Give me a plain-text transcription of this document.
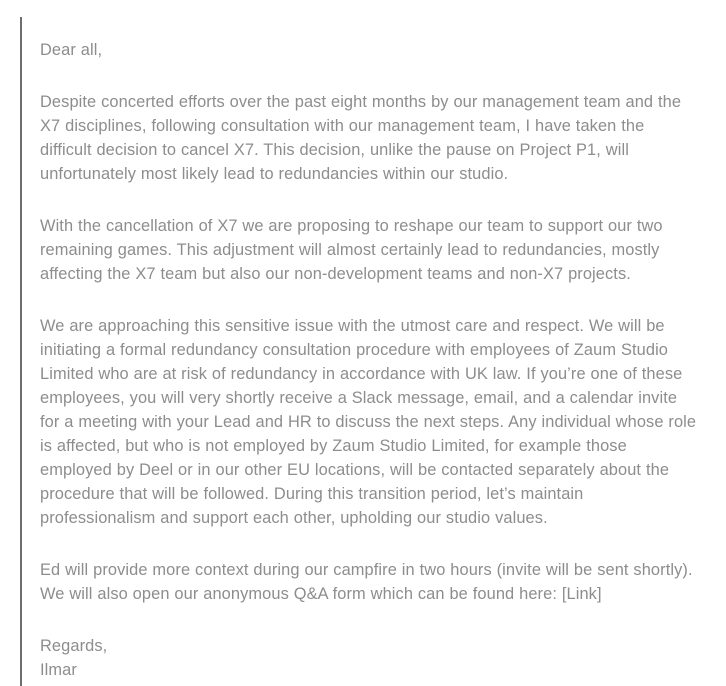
Dear all,

Despite concerted efforts over the past eight months by our management team and the X7 disciplines, following consultation with our management team, I have taken the difficult decision to cancel X7. This decision, unlike the pause on Project P1, will unfortunately most likely lead to redundancies within our studio.

With the cancellation of X7 we are proposing to reshape our team to support our two remaining games. This adjustment will almost certainly lead to redundancies, mostly affecting the X7 team but also our non-development teams and non-X7 projects.

We are approaching this sensitive issue with the utmost care and respect. We will be initiating a formal redundancy consultation procedure with employees of Zaum Studio Limited who are at risk of redundancy in accordance with UK law. If you’re one of these employees, you will very shortly receive a Slack message, email, and a calendar invite for a meeting with your Lead and HR to discuss the next steps. Any individual whose role is affected, but who is not employed by Zaum Studio Limited, for example those employed by Deel or in our other EU locations, will be contacted separately about the procedure that will be followed. During this transition period, let’s maintain professionalism and support each other, upholding our studio values.

Ed will provide more context during our campfire in two hours (invite will be sent shortly). We will also open our anonymous Q&A form which can be found here: [Link]

Regards,
Ilmar
